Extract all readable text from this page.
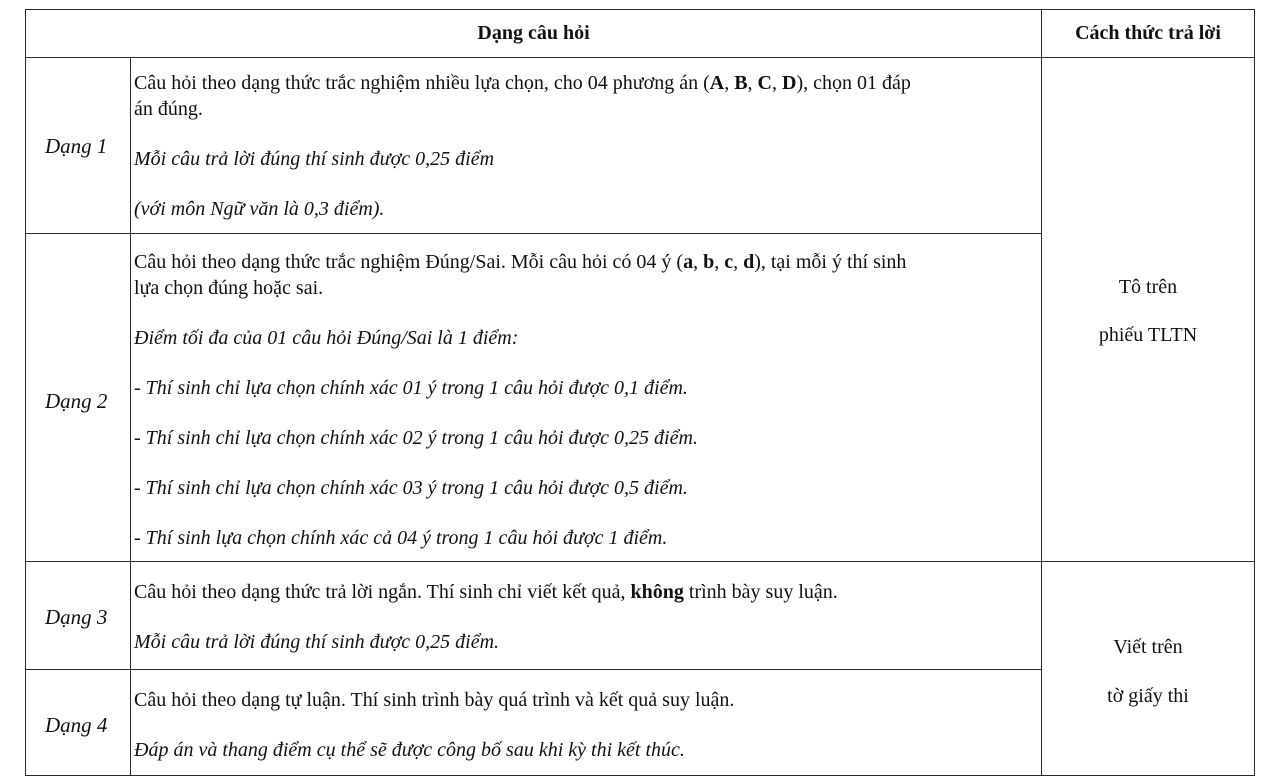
Dạng câu hỏi	Cách thức trả lời
Dạng 1
Câu hỏi theo dạng thức trắc nghiệm nhiều lựa chọn, cho 04 phương án (A, B, C, D), chọn 01 đáp
án đúng.
Mỗi câu trả lời đúng thí sinh được 0,25 điểm
(với môn Ngữ văn là 0,3 điểm).
Dạng 2
Câu hỏi theo dạng thức trắc nghiệm Đúng/Sai. Mỗi câu hỏi có 04 ý (a, b, c, d), tại mỗi ý thí sinh
lựa chọn đúng hoặc sai.
Điểm tối đa của 01 câu hỏi Đúng/Sai là 1 điểm:
- Thí sinh chỉ lựa chọn chính xác 01 ý trong 1 câu hỏi được 0,1 điểm.
- Thí sinh chỉ lựa chọn chính xác 02 ý trong 1 câu hỏi được 0,25 điểm.
- Thí sinh chỉ lựa chọn chính xác 03 ý trong 1 câu hỏi được 0,5 điểm.
- Thí sinh lựa chọn chính xác cả 04 ý trong 1 câu hỏi được 1 điểm.
Dạng 3
Câu hỏi theo dạng thức trả lời ngắn. Thí sinh chỉ viết kết quả, không trình bày suy luận.
Mỗi câu trả lời đúng thí sinh được 0,25 điểm.
Dạng 4
Câu hỏi theo dạng tự luận. Thí sinh trình bày quá trình và kết quả suy luận.
Đáp án và thang điểm cụ thể sẽ được công bố sau khi kỳ thi kết thúc.
Tô trên
phiếu TLTN
Viết trên
tờ giấy thi
